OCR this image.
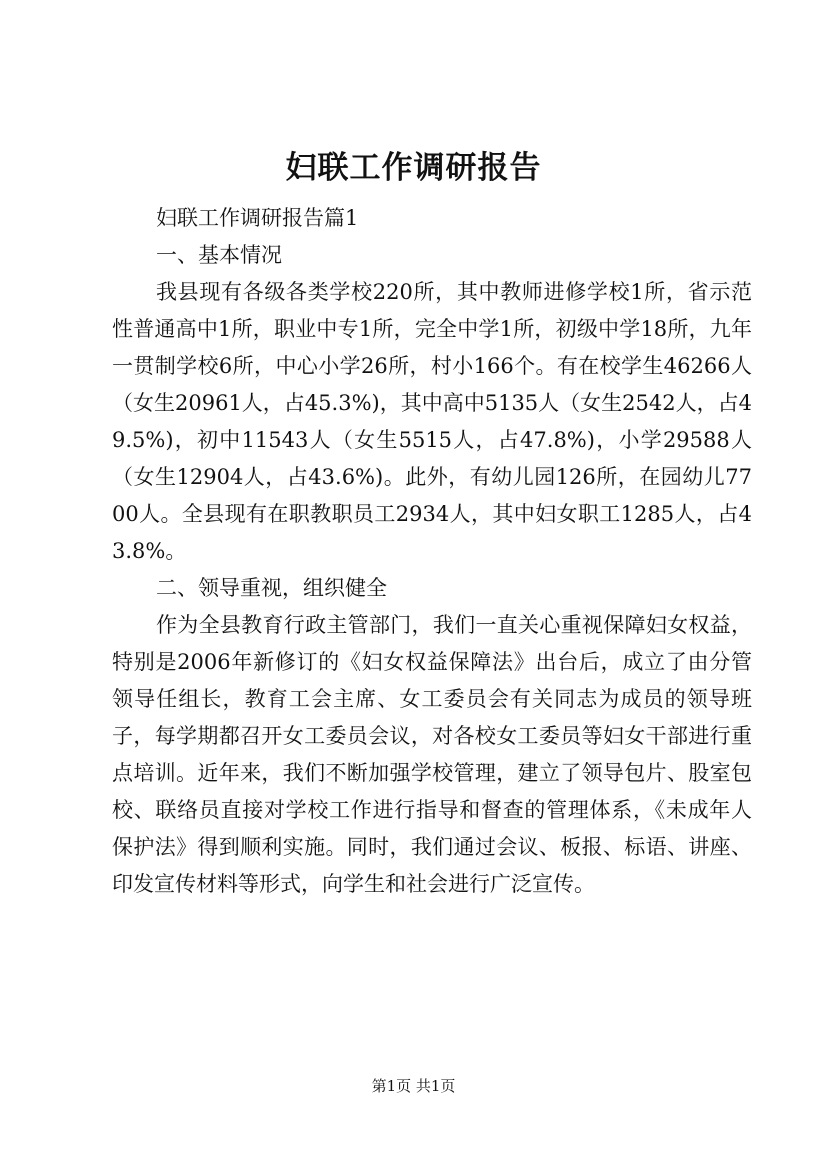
妇联工作调研报告

妇联工作调研报告篇1

一、基本情况

我县现有各级各类学校220所，其中教师进修学校1所，省示范性普通高中1所，职业中专1所，完全中学1所，初级中学18所，九年一贯制学校6所，中心小学26所，村小166个。有在校学生46266人（女生20961人，占45.3%)，其中高中5135人（女生2542人，占49.5%)，初中11543人（女生5515人，占47.8%)，小学29588人（女生12904人，占43.6%)。此外，有幼儿园126所，在园幼儿7700人。全县现有在职教职员工2934人，其中妇女职工1285人，占43.8%。

二、领导重视，组织健全

作为全县教育行政主管部门，我们一直关心重视保障妇女权益，特别是2006年新修订的《妇女权益保障法》出台后，成立了由分管领导任组长，教育工会主席、女工委员会有关同志为成员的领导班子，每学期都召开女工委员会议，对各校女工委员等妇女干部进行重点培训。近年来，我们不断加强学校管理，建立了领导包片、股室包校、联络员直接对学校工作进行指导和督查的管理体系，《未成年人保护法》得到顺利实施。同时，我们通过会议、板报、标语、讲座、印发宣传材料等形式，向学生和社会进行广泛宣传。

第1页 共1页
